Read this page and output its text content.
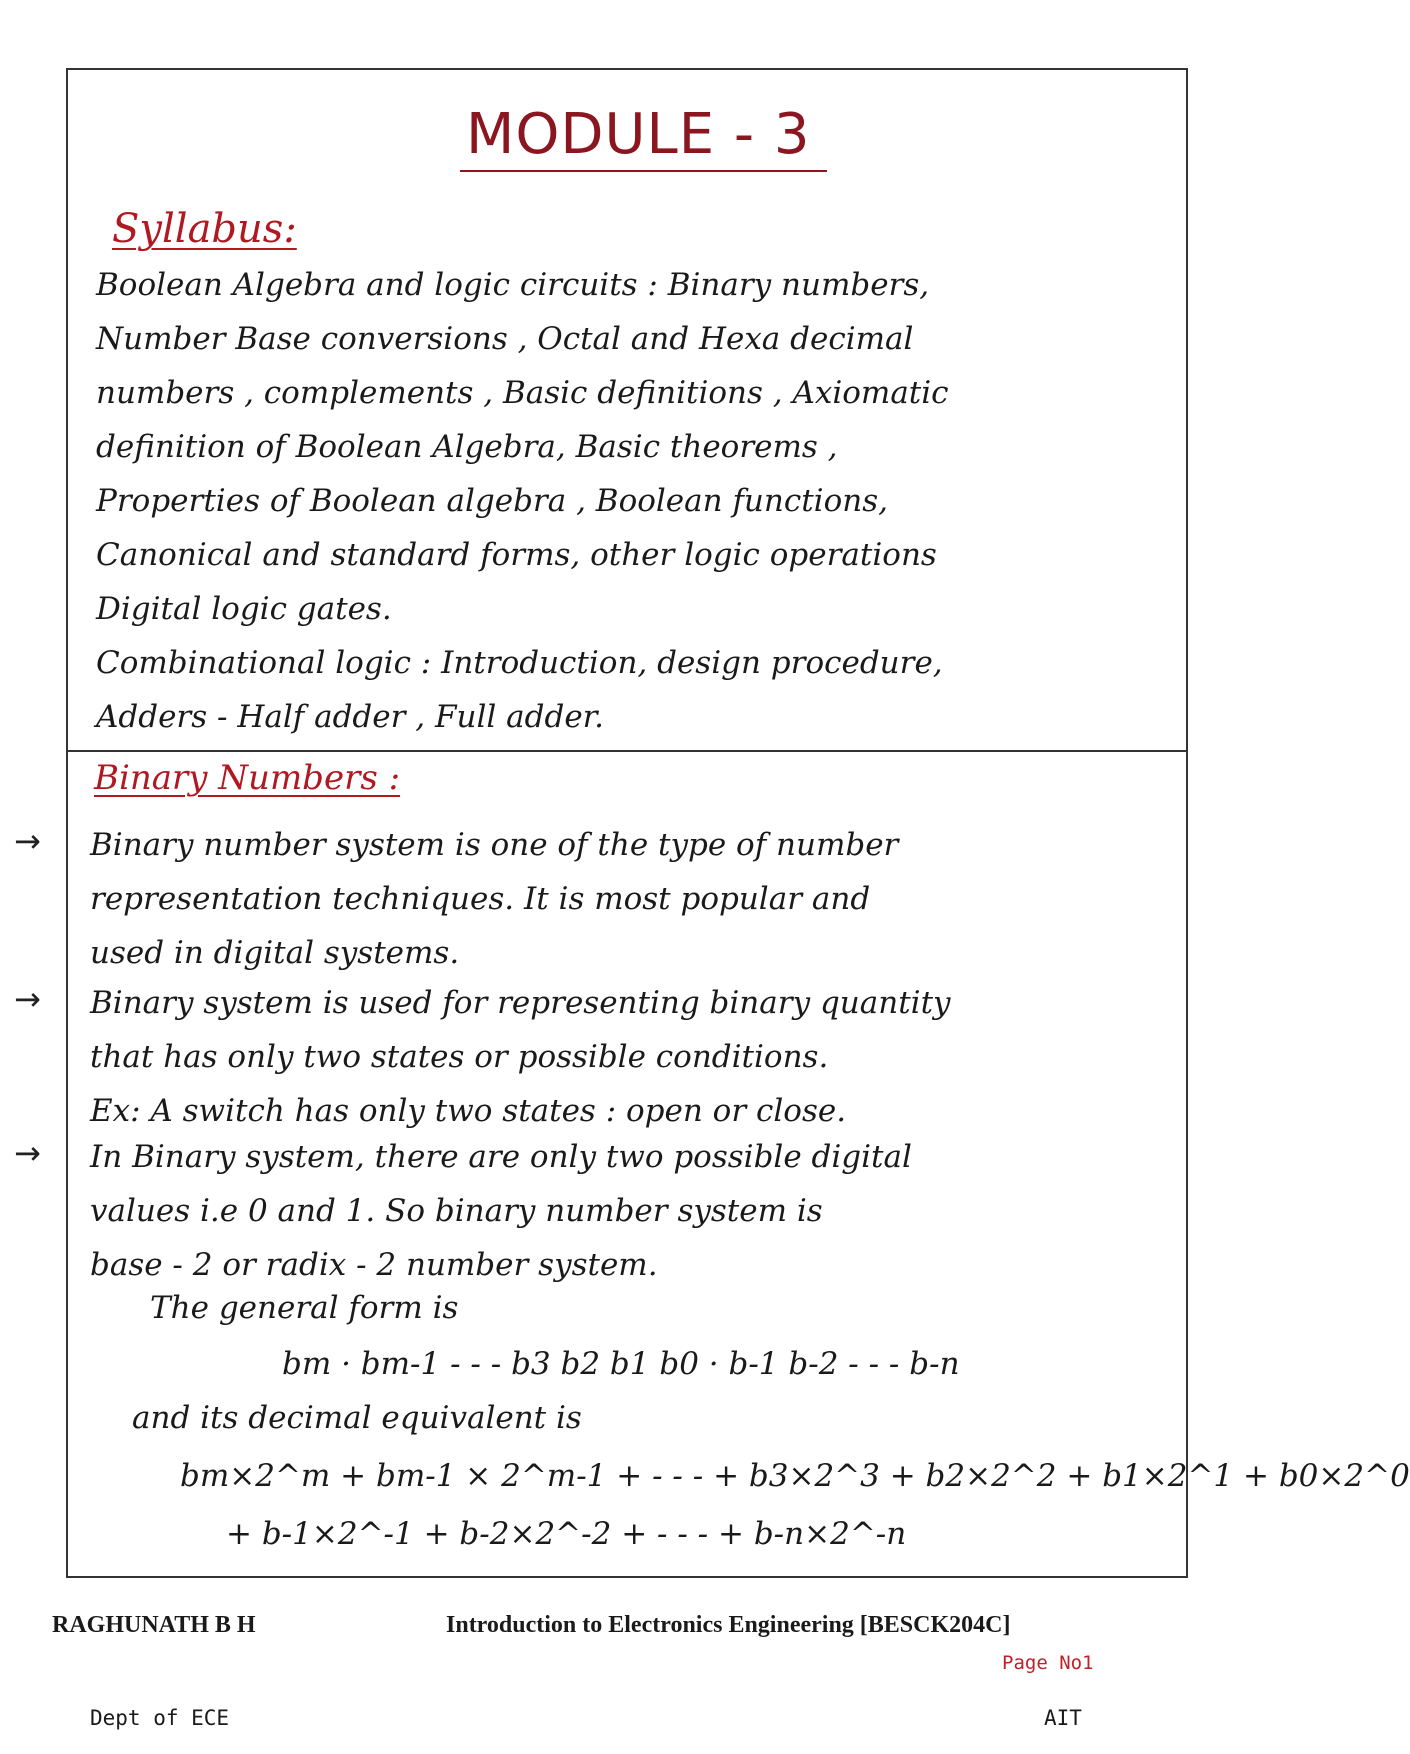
MODULE - 3
Syllabus:
Boolean Algebra and logic circuits : Binary numbers,
Number Base conversions , Octal and Hexa decimal
numbers , complements , Basic definitions , Axiomatic
definition of Boolean Algebra, Basic theorems ,
Properties of Boolean algebra , Boolean functions,
Canonical and standard forms, other logic operations
Digital logic gates.
Combinational logic : Introduction, design procedure,
Adders - Half adder , Full adder.
Binary Numbers :
→ Binary number system is one of the type of number
representation techniques. It is most popular and
used in digital systems.
→ Binary system is used for representing binary quantity
that has only two states or possible conditions.
Ex: A switch has only two states : open or close.
→ In Binary system, there are only two possible digital
values i.e 0 and 1. So binary number system is
base - 2 or radix - 2 number system.
The general form is
bm · bm-1 - - - b3 b2 b1 b0 · b-1 b-2 - - - b-n
and its decimal equivalent is
bm×2^m + bm-1 × 2^m-1 + - - - + b3×2^3 + b2×2^2 + b1×2^1 + b0×2^0
+ b-1×2^-1 + b-2×2^-2 + - - - + b-n×2^-n
RAGHUNATH B H	Introduction to Electronics Engineering [BESCK204C]
Page No1
Dept of ECE	AIT
